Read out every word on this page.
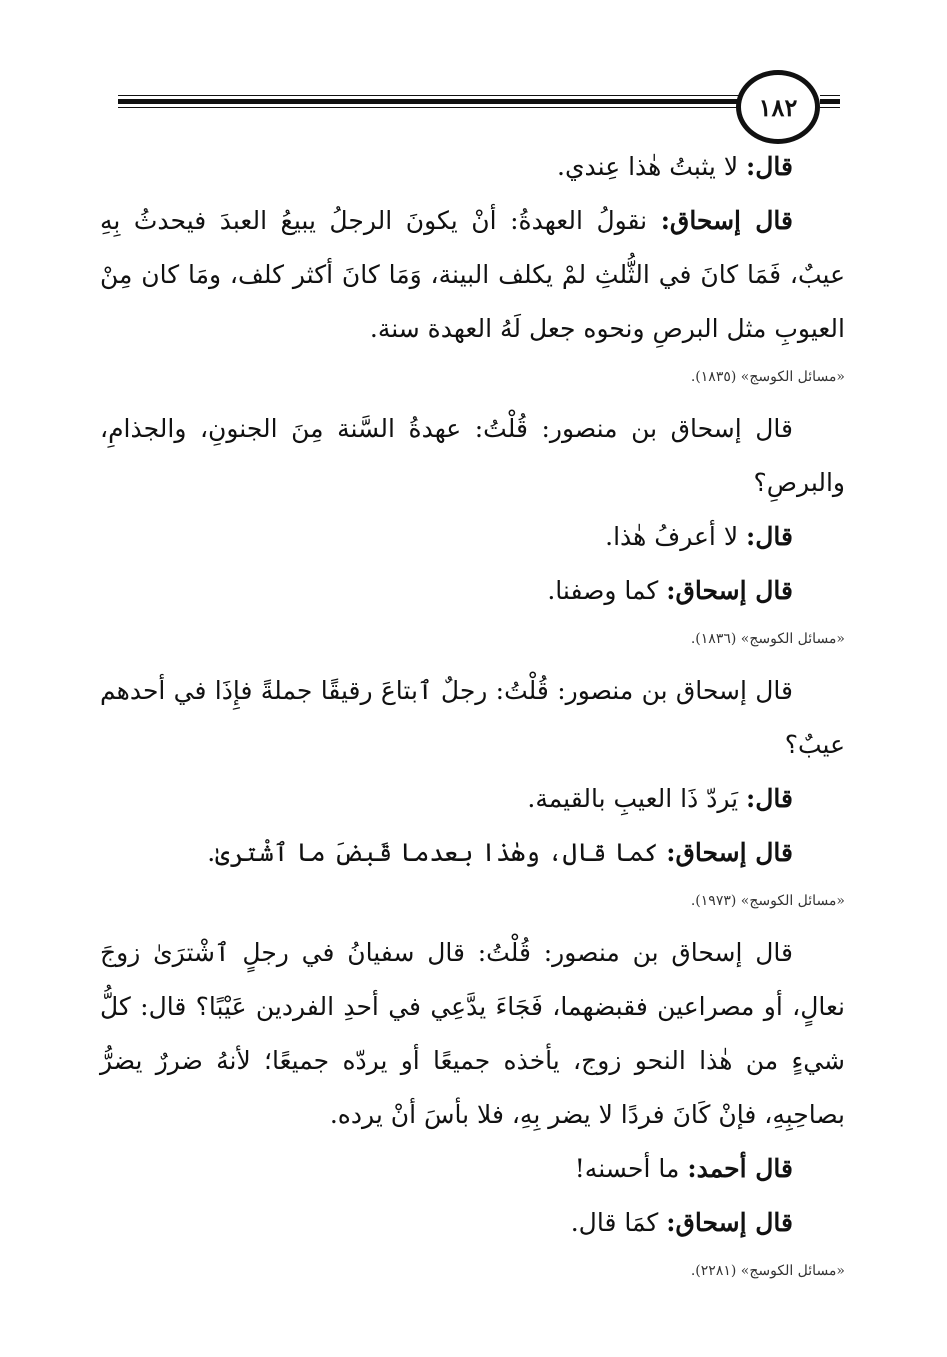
١٨٢

قال: لا يثبتُ هٰذا عِندي.

قال إسحاق: نقولُ العهدةُ: أنْ يكونَ الرجلُ يبيعُ العبدَ فيحدثُ بِهِ عيبٌ، فَمَا كانَ في الثُّلثِ لمْ يكلف البينة، وَمَا كانَ أكثر كلف، ومَا كان مِنْ العيوبِ مثل البرصِ ونحوه جعل لَهُ العهدة سنة.

«مسائل الكوسج» (١٨٣٥).

قال إسحاق بن منصور: قُلْتُ: عهدةُ السَّنة مِنَ الجنونِ، والجذامِ، والبرصِ؟

قال: لا أعرفُ هٰذا.

قال إسحاق: كما وصفنا.

«مسائل الكوسج» (١٨٣٦).

قال إسحاق بن منصور: قُلْتُ: رجلٌ ٱبتاعَ رقيقًا جملةً فإِذَا في أحدهم عيبٌ؟

قال: يَردّ ذَا العيبِ بالقيمة.

قال إسحاق: كما قال، وهٰذا بعدما قَبضَ ما ٱشْترىٰ.

«مسائل الكوسج» (١٩٧٣).

قال إسحاق بن منصور: قُلْتُ: قال سفيانُ في رجلٍ ٱشْترَىٰ زوجَ نعالٍ، أو مصراعين فقبضهما، فَجَاءَ يدَّعِي في أحدِ الفردين عَيْبًا؟ قال: كلُّ شيءٍ من هٰذا النحو زوج، يأخذه جميعًا أو يردّه جميعًا؛ لأنهُ ضررٌ يضرُّ بصاحِبِهِ، فإنْ كَانَ فردًا لا يضر بِهِ، فلا بأسَ أنْ يرده.

قال أحمد: ما أحسنه!

قال إسحاق: كمَا قال.

«مسائل الكوسج» (٢٢٨١).
